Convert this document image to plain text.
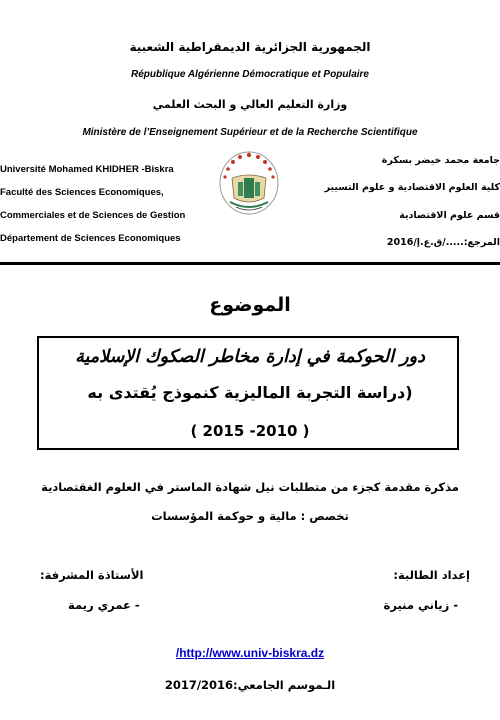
الجمهورية الجزائرية الديمقراطية الشعبية
République Algérienne Démocratique et Populaire
وزارة التعليم العالي و البحث العلمي
Ministère de l’Enseignement Supérieur et de la Recherche Scientifique
Université Mohamed KHIDHER -Biskra
Faculté des Sciences Economiques,
Commerciales et de Sciences de Gestion
Département de Sciences Economiques
جامعة محمد خيضر بسكرة
كلية العلوم الاقتصادية و علوم التسيير
قسم علوم الاقتصادية
المرجع:...../ق.ع.إ/2016
الموضوع
دور الحوكمة في إدارة مخاطر الصكوك الإسلامية
(دراسة التجربة الماليزية كنموذج يُقتدى به
( 2015 -2010 )
مذكرة مقدمة كجزء من متطلبات نيل شهادة الماستر في العلوم الغقتصادية
تخصص : مالية و حوكمة المؤسسات
إعداد الطالبة:
- زياني منيرة
الأستاذة المشرفة:
- عمري ريمة
/http://www.univ-biskra.dz
الـموسم الجامعي:2017/2016
